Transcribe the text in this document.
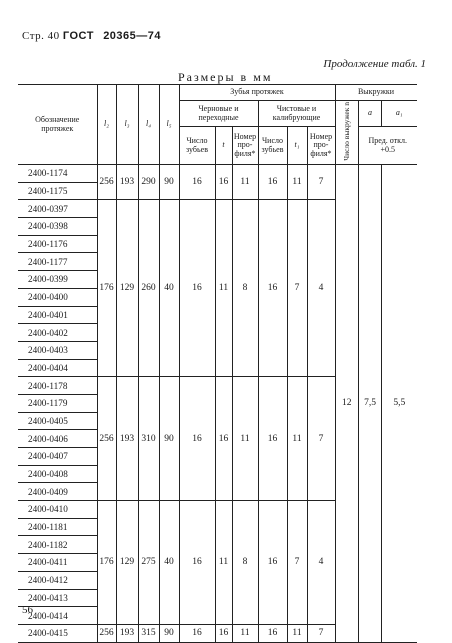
Стр. 40 ГОСТ 20365—74
Продолжение табл. 1
Размеры в мм
Обозначение протяжек	l₂	l₃	l₄	l₅	Зубья протяжек						Выкружки		
					Черновые и переходные			Чистовые и калибрующие			Число выкружек n	a	a₁
					Число зубьев	t	Номер про- филя*	Число зубьев	t₁	Номер про- филя*		Пред. откл. +0.5	
2400-1174	256	193	290	90	16	16	11	16	11	7	12	7,5	5,5
2400-1175													
2400-0397	176	129	260	40	16	11	8	16	7	4			
2400-0398													
2400-1176													
2400-1177													
2400-0399													
2400-0400													
2400-0401													
2400-0402													
2400-0403													
2400-0404													
2400-1178	256	193	310	90	16	16	11	16	11	7			
2400-1179													
2400-0405													
2400-0406													
2400-0407													
2400-0408													
2400-0409													
2400-0410	176	129	275	40	16	11	8	16	7	4			
2400-1181													
2400-1182													
2400-0411													
2400-0412													
2400-0413													
2400-0414													
2400-0415	256	193	315	90	16	16	11	16	11	7			
56
